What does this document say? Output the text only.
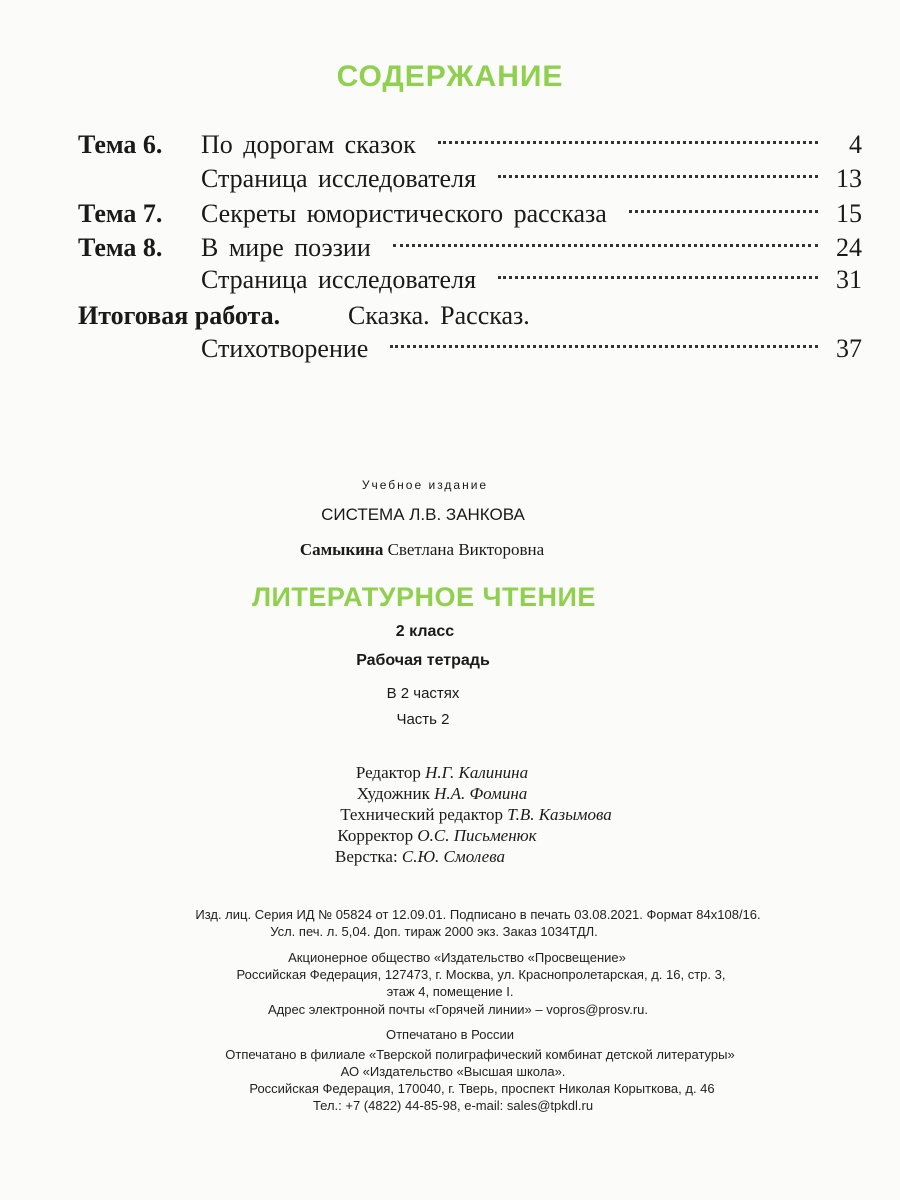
СОДЕРЖАНИЕ
Тема 6. По дорогам сказок	4
Страница исследователя	13
Тема 7. Секреты юмористического рассказа	15
Тема 8. В мире поэзии	24
Страница исследователя	31
Итоговая работа.	Сказка. Рассказ.
Стихотворение	37
Учебное издание
СИСТЕМА Л.В. ЗАНКОВА
Самыкина Светлана Викторовна
ЛИТЕРАТУРНОЕ ЧТЕНИЕ
2 класс
Рабочая тетрадь
В 2 частях
Часть 2
Редактор Н.Г. Калинина
Художник Н.А. Фомина
Технический редактор Т.В. Казымова
Корректор О.С. Письменюк
Верстка: С.Ю. Смолева
Изд. лиц. Серия ИД № 05824 от 12.09.01. Подписано в печать 03.08.2021. Формат 84х108/16.
Усл. печ. л. 5,04. Доп. тираж 2000 экз. Заказ 1034ТДЛ.
Акционерное общество «Издательство «Просвещение»
Российская Федерация, 127473, г. Москва, ул. Краснопролетарская, д. 16, стр. 3,
этаж 4, помещение I.
Адрес электронной почты «Горячей линии» – vopros@prosv.ru.
Отпечатано в России
Отпечатано в филиале «Тверской полиграфический комбинат детской литературы»
АО «Издательство «Высшая школа».
Российская Федерация, 170040, г. Тверь, проспект Николая Корыткова, д. 46
Тел.: +7 (4822) 44-85-98, e-mail: sales@tpkdl.ru
